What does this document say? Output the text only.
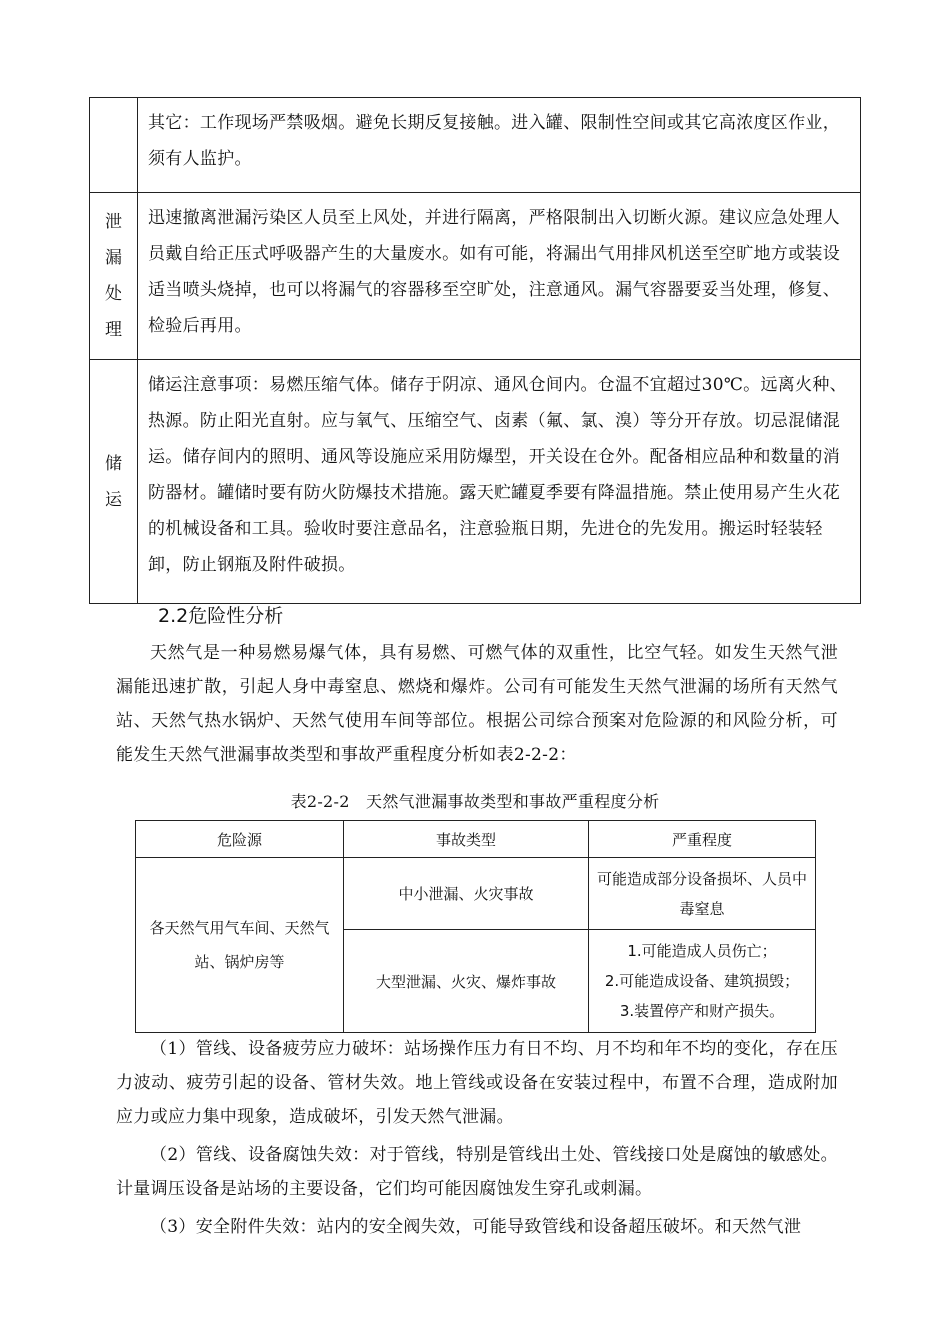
	其它：工作现场严禁吸烟。避免长期反复接触。进入罐、限制性空间或其它高浓度区作业，须有人监护。

泄
漏
处
理	迅速撤离泄漏污染区人员至上风处，并进行隔离，严格限制出入切断火源。建议应急处理人员戴自给正压式呼吸器产生的大量废水。如有可能，将漏出气用排风机送至空旷地方或装设适当喷头烧掉，也可以将漏气的容器移至空旷处，注意通风。漏气容器要妥当处理，修复、检验后再用。

储
运	储运注意事项：易燃压缩气体。储存于阴凉、通风仓间内。仓温不宜超过30℃。远离火种、热源。防止阳光直射。应与氧气、压缩空气、卤素（氟、氯、溴）等分开存放。切忌混储混运。储存间内的照明、通风等设施应采用防爆型，开关设在仓外。配备相应品种和数量的消防器材。罐储时要有防火防爆技术措施。露天贮罐夏季要有降温措施。禁止使用易产生火花的机械设备和工具。验收时要注意品名，注意验瓶日期，先进仓的先发用。搬运时轻装轻卸，防止钢瓶及附件破损。
2.2危险性分析

天然气是一种易燃易爆气体，具有易燃、可燃气体的双重性，比空气轻。如发生天然气泄漏能迅速扩散，引起人身中毒窒息、燃烧和爆炸。公司有可能发生天然气泄漏的场所有天然气站、天然气热水锅炉、天然气使用车间等部位。根据公司综合预案对危险源的和风险分析，可能发生天然气泄漏事故类型和事故严重程度分析如表2-2-2：

表2-2-2　天然气泄漏事故类型和事故严重程度分析
危险源	事故类型	严重程度
各天然气用气车间、天然气站、锅炉房等	中小泄漏、火灾事故	可能造成部分设备损坏、人员中毒窒息
	大型泄漏、火灾、爆炸事故	1.可能造成人员伤亡；
2.可能造成设备、建筑损毁；
3.装置停产和财产损失。

（1）管线、设备疲劳应力破坏：站场操作压力有日不均、月不均和年不均的变化，存在压力波动、疲劳引起的设备、管材失效。地上管线或设备在安装过程中，布置不合理，造成附加应力或应力集中现象，造成破坏，引发天然气泄漏。

（2）管线、设备腐蚀失效：对于管线，特别是管线出土处、管线接口处是腐蚀的敏感处。计量调压设备是站场的主要设备，它们均可能因腐蚀发生穿孔或刺漏。

（3）安全附件失效：站内的安全阀失效，可能导致管线和设备超压破坏。和天然气泄
